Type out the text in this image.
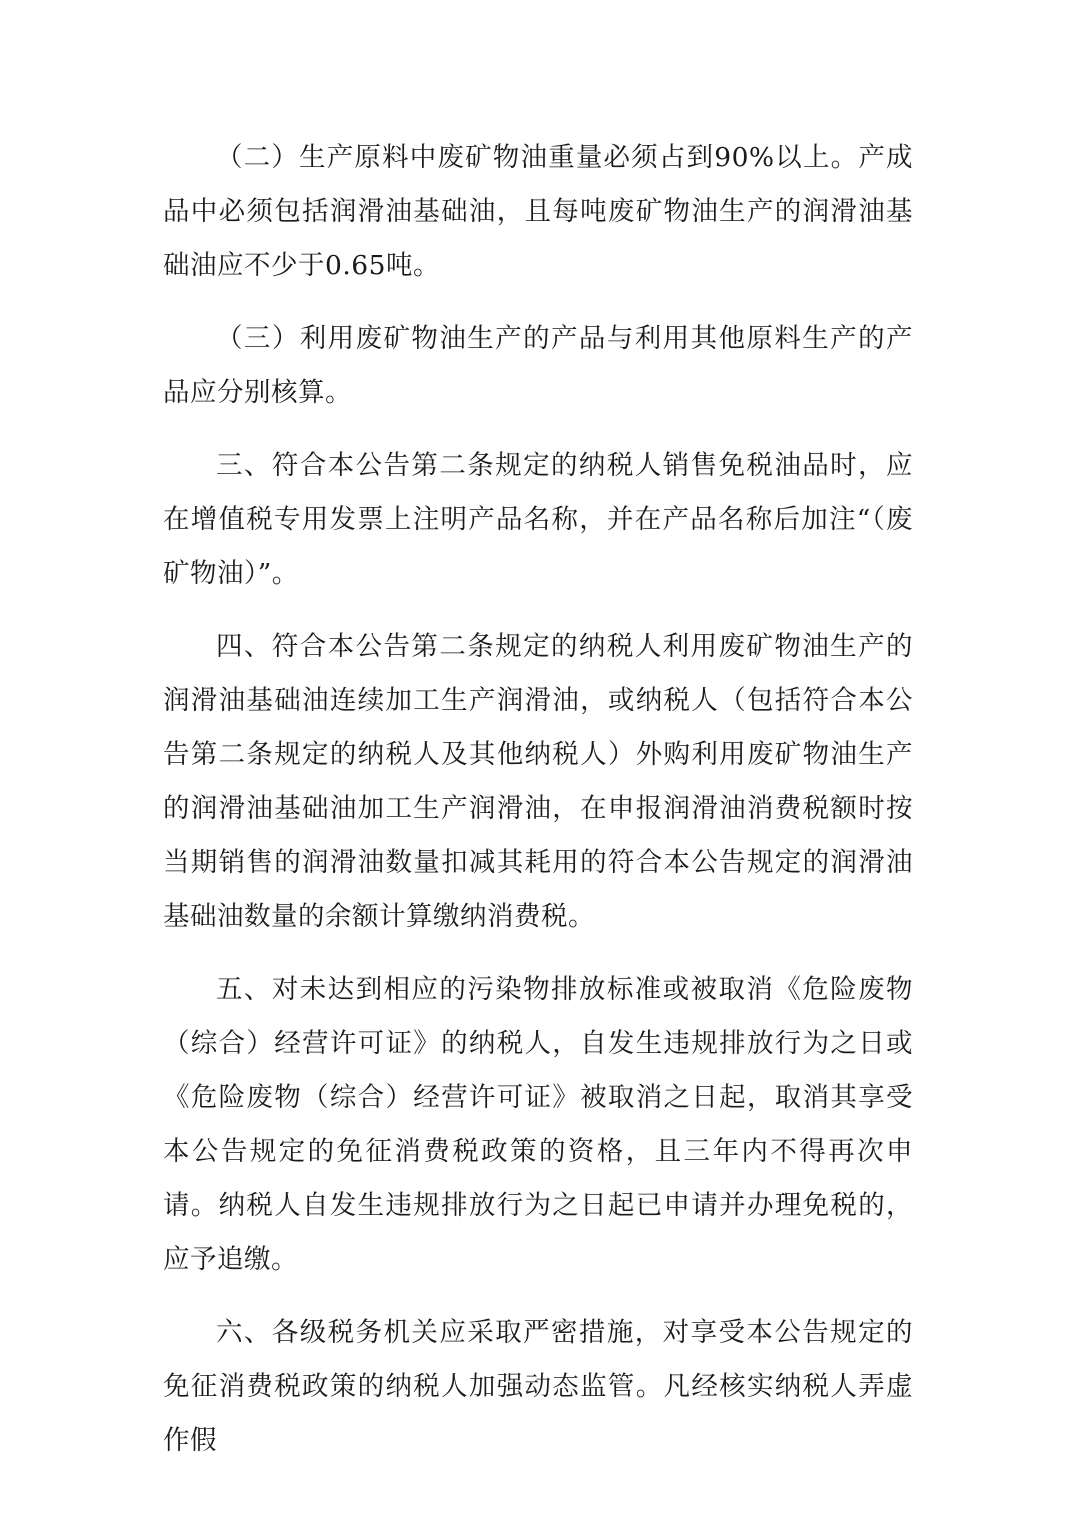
（二）生产原料中废矿物油重量必须占到90%以上。产成品中必须包括润滑油基础油，且每吨废矿物油生产的润滑油基础油应不少于0.65吨。

（三）利用废矿物油生产的产品与利用其他原料生产的产品应分别核算。

三、符合本公告第二条规定的纳税人销售免税油品时，应在增值税专用发票上注明产品名称，并在产品名称后加注“（废矿物油）”。

四、符合本公告第二条规定的纳税人利用废矿物油生产的润滑油基础油连续加工生产润滑油，或纳税人（包括符合本公告第二条规定的纳税人及其他纳税人）外购利用废矿物油生产的润滑油基础油加工生产润滑油，在申报润滑油消费税额时按当期销售的润滑油数量扣减其耗用的符合本公告规定的润滑油基础油数量的余额计算缴纳消费税。

五、对未达到相应的污染物排放标准或被取消《危险废物（综合）经营许可证》的纳税人，自发生违规排放行为之日或《危险废物（综合）经营许可证》被取消之日起，取消其享受本公告规定的免征消费税政策的资格，且三年内不得再次申请。纳税人自发生违规排放行为之日起已申请并办理免税的，应予追缴。

六、各级税务机关应采取严密措施，对享受本公告规定的免征消费税政策的纳税人加强动态监管。凡经核实纳税人弄虚作假
